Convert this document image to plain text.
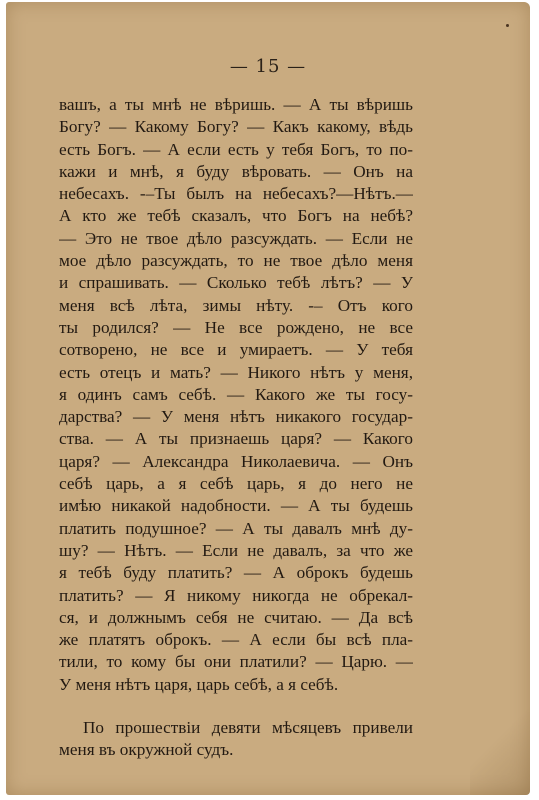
— 15 —
вашъ, а ты мнѣ не вѣришь. — А ты вѣришь
Богу? — Какому Богу? — Какъ какому, вѣдь
есть Богъ. — А если есть у тебя Богъ, то по-
кажи и мнѣ, я буду вѣровать. — Онъ на
небесахъ. -–Ты былъ на небесахъ?—Нѣтъ.—
А кто же тебѣ сказалъ, что Богъ на небѣ?
— Это не твое дѣло разсуждать. — Если не
мое дѣло разсуждать, то не твое дѣло меня
и спрашивать. — Сколько тебѣ лѣтъ? — У
меня всѣ лѣта, зимы нѣту. -– Отъ кого
ты родился? — Не все рождено, не все
сотворено, не все и умираетъ. — У тебя
есть отецъ и мать? — Никого нѣтъ у меня,
я одинъ самъ себѣ. — Какого же ты госу-
дарства? — У меня нѣтъ никакого государ-
ства. — А ты признаешь царя? — Какого
царя? — Александра Николаевича. — Онъ
себѣ царь, а я себѣ царь, я до него не
имѣю никакой надобности. — А ты будешь
платить подушное? — А ты давалъ мнѣ ду-
шу? — Нѣтъ. — Если не давалъ, за что же
я тебѣ буду платить? — А оброкъ будешь
платить? — Я никому никогда не обрекал-
ся, и должнымъ себя не считаю. — Да всѣ
же платятъ оброкъ. — А если бы всѣ пла-
тили, то кому бы они платили? — Царю. —
У меня нѣтъ царя, царь себѣ, а я себѣ.
По прошествіи девяти мѣсяцевъ привели
меня въ окружной судъ.
